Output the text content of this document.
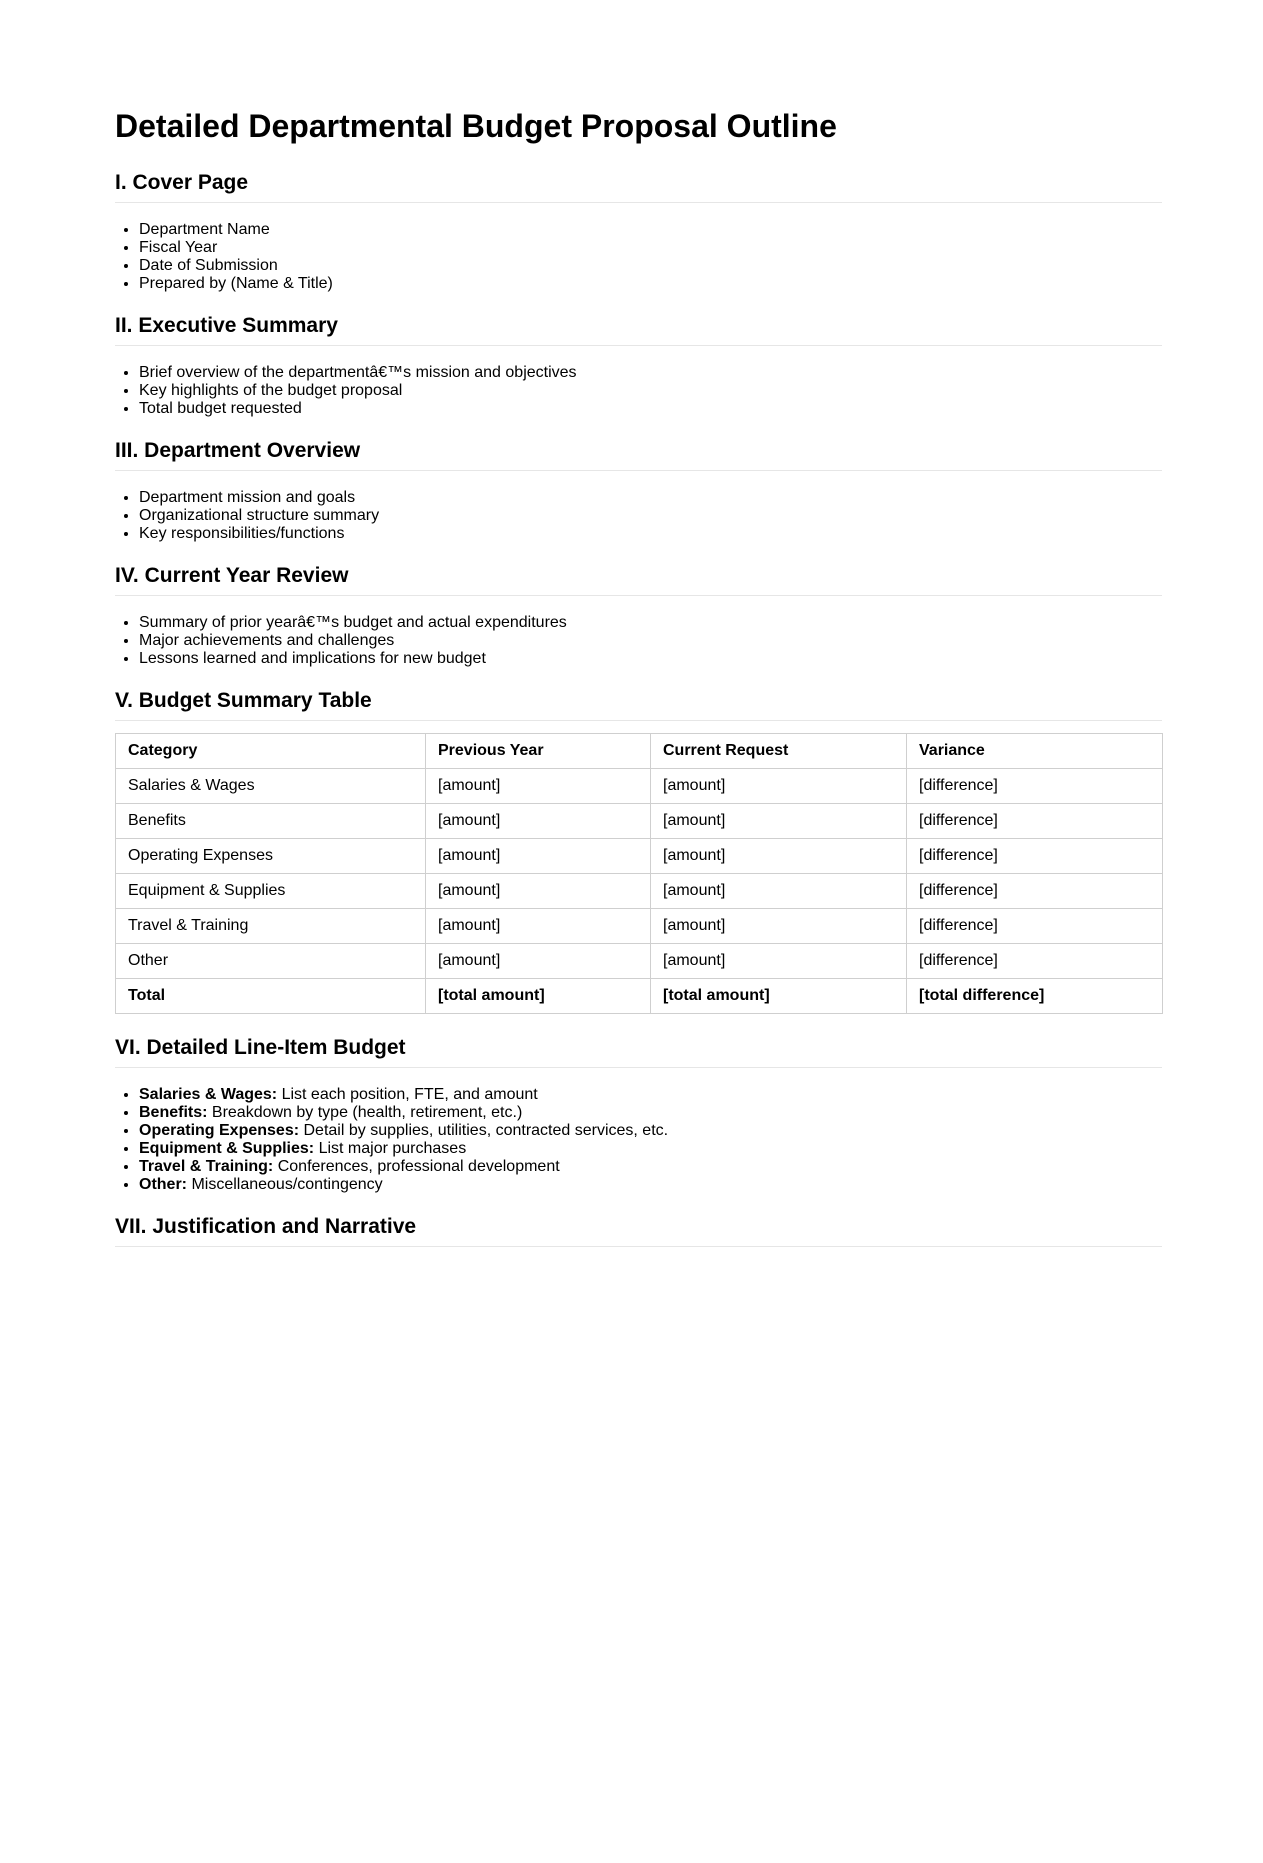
Detailed Departmental Budget Proposal Outline
I. Cover Page
• Department Name
• Fiscal Year
• Date of Submission
• Prepared by (Name & Title)
II. Executive Summary
• Brief overview of the departmentâ€™s mission and objectives
• Key highlights of the budget proposal
• Total budget requested
III. Department Overview
• Department mission and goals
• Organizational structure summary
• Key responsibilities/functions
IV. Current Year Review
• Summary of prior yearâ€™s budget and actual expenditures
• Major achievements and challenges
• Lessons learned and implications for new budget
V. Budget Summary Table
Category	Previous Year	Current Request	Variance
Salaries & Wages	[amount]	[amount]	[difference]
Benefits	[amount]	[amount]	[difference]
Operating Expenses	[amount]	[amount]	[difference]
Equipment & Supplies	[amount]	[amount]	[difference]
Travel & Training	[amount]	[amount]	[difference]
Other	[amount]	[amount]	[difference]
Total	[total amount]	[total amount]	[total difference]
VI. Detailed Line-Item Budget
• Salaries & Wages: List each position, FTE, and amount
• Benefits: Breakdown by type (health, retirement, etc.)
• Operating Expenses: Detail by supplies, utilities, contracted services, etc.
• Equipment & Supplies: List major purchases
• Travel & Training: Conferences, professional development
• Other: Miscellaneous/contingency
VII. Justification and Narrative
•
